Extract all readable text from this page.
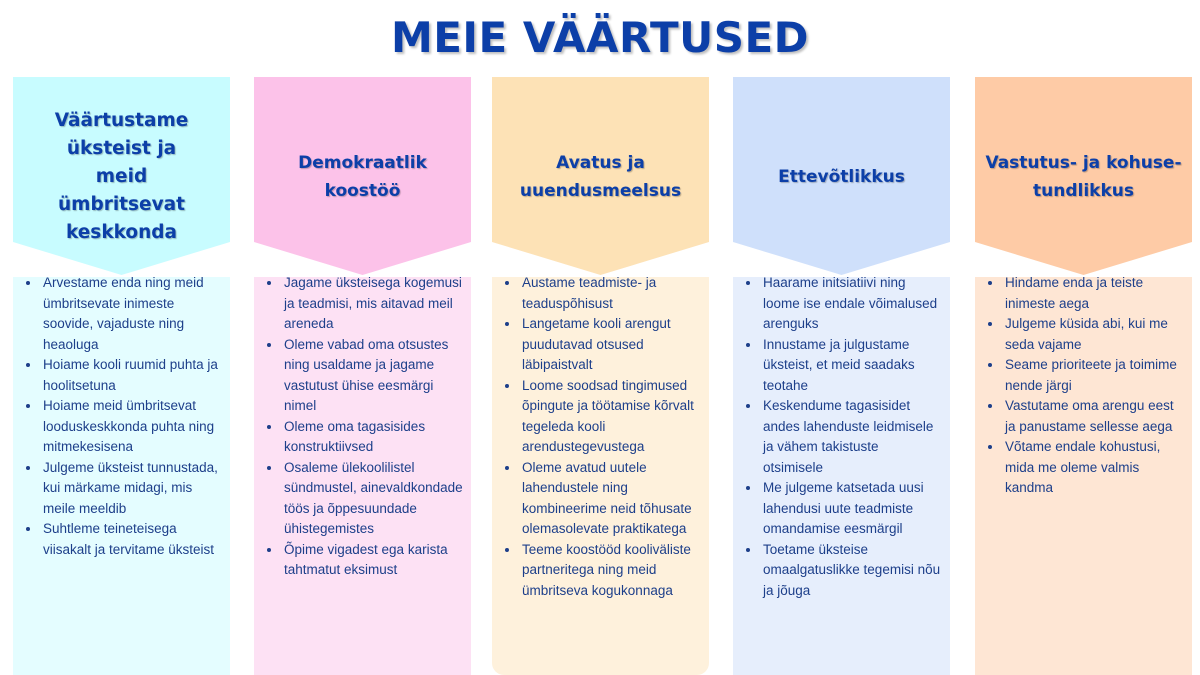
MEIE VÄÄRTUSED
Väärtustame üksteist ja meid ümbritsevat keskkonda
• Arvestame enda ning meid ümbritsevate inimeste soovide, vajaduste ning heaoluga
• Hoiame kooli ruumid puhta ja hoolitsetuna
• Hoiame meid ümbritsevat looduskeskkonda puhta ning mitmekesisena
• Julgeme üksteist tunnustada, kui märkame midagi, mis meile meeldib
• Suhtleme teineteisega viisakalt ja tervitame üksteist
Demokraatlik koostöö
• Jagame üksteisega kogemusi ja teadmisi, mis aitavad meil areneda
• Oleme vabad oma otsustes ning usaldame ja jagame vastutust ühise eesmärgi nimel
• Oleme oma tagasisides konstruktiivsed
• Osaleme ülekoolilistel sündmustel, ainevaldkondade töös ja õppesuundade ühistegemistes
• Õpime vigadest ega karista tahtmatut eksimust
Avatus ja uuendusmeelsus
• Austame teadmiste- ja teaduspõhisust
• Langetame kooli arengut puudutavad otsused läbipaistvalt
• Loome soodsad tingimused õpingute ja töötamise kõrvalt tegeleda kooli arendustegevustega
• Oleme avatud uutele lahendustele ning kombineerime neid tõhusate olemasolevate praktikatega
• Teeme koostööd koolivälistе partneritega ning meid ümbritseva kogukonnaga
Ettevõtlikkus
• Haarame initsiatiivi ning loome ise endale võimalused arenguks
• Innustame ja julgustame üksteist, et meid saadaks teotahe
• Keskendume tagasisidet andes lahenduste leidmisele ja vähem takistuste otsimisele
• Me julgeme katsetada uusi lahendusi uute teadmiste omandamise eesmärgil
• Toetame üksteise omaalgatuslikke tegemisi nõu ja jõuga
Vastutus- ja kohuse-tundlikkus
• Hindame enda ja teiste inimeste aega
• Julgeme küsida abi, kui me seda vajame
• Seame prioriteete ja toimime nende järgi
• Vastutame oma arengu eest ja panustame sellesse aega
• Võtame endale kohustusi, mida me oleme valmis kandma
